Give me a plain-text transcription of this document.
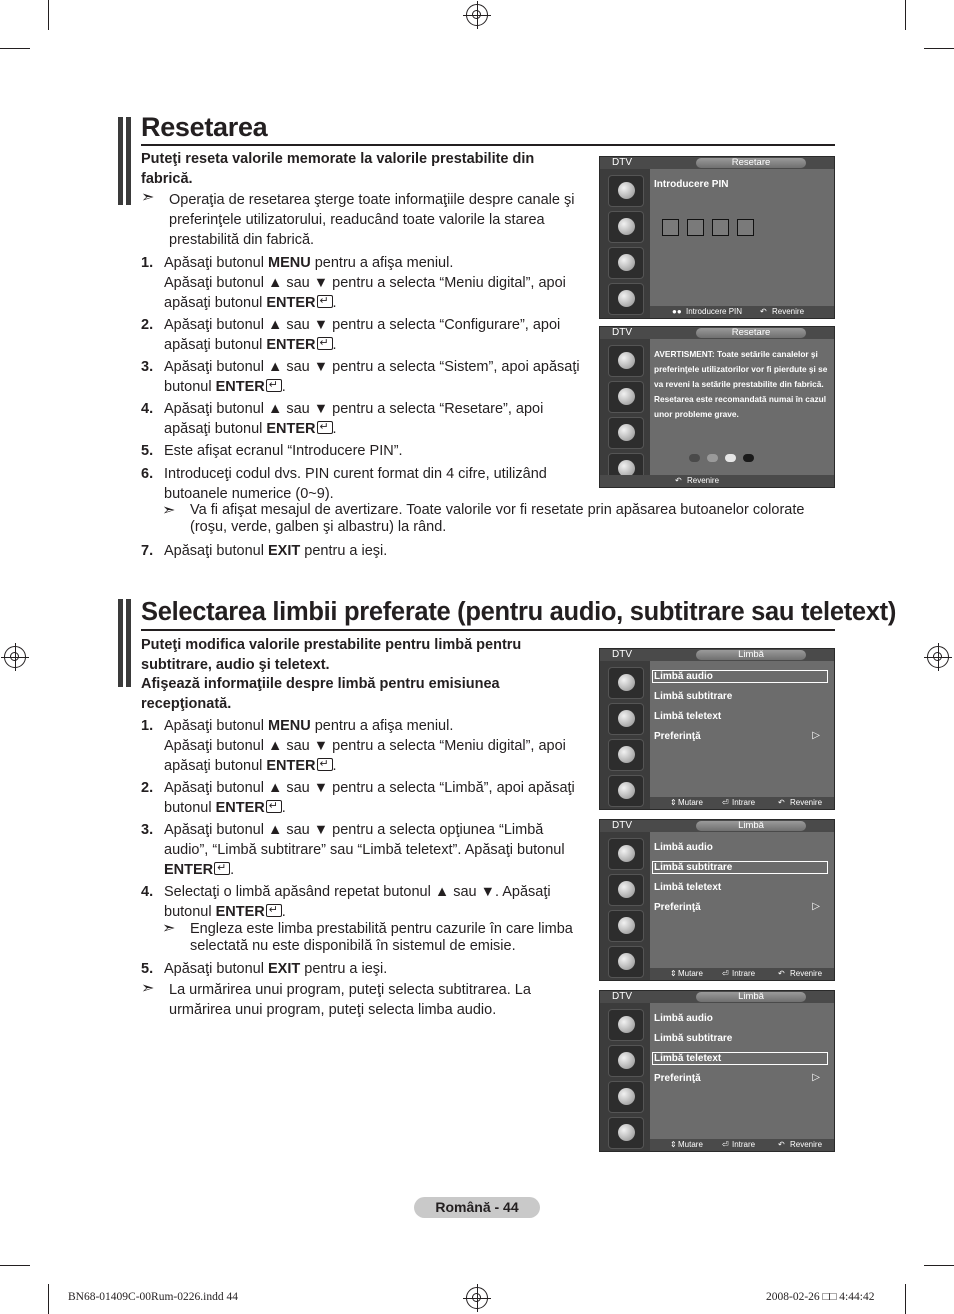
Resetarea
Puteţi reseta valorile memorate la valorile prestabilite din fabrică.
➣ Operaţia de resetarea şterge toate informaţiile despre canale şi preferinţele utilizatorului, readucând toate valorile la starea prestabilită din fabrică.
1. Apăsaţi butonul MENU pentru a afişa meniul.
Apăsaţi butonul ▲ sau ▼ pentru a selecta “Meniu digital”, apoi
apăsaţi butonul ENTER ↵ .
2. Apăsaţi butonul ▲ sau ▼ pentru a selecta “Configurare”, apoi
apăsaţi butonul ENTER ↵ .
3. Apăsaţi butonul ▲ sau ▼ pentru a selecta “Sistem”, apoi apăsaţi
butonul ENTER ↵ .
4. Apăsaţi butonul ▲ sau ▼ pentru a selecta “Resetare”, apoi
apăsaţi butonul ENTER ↵ .
5. Este afişat ecranul “Introducere PIN”.
6. Introduceţi codul dvs. PIN curent format din 4 cifre, utilizând
butoanele numerice (0~9).
7. Apăsaţi butonul EXIT pentru a ieşi.
➣ Va fi afişat mesajul de avertizare. Toate valorile vor fi resetate prin apăsarea butoanelor colorate (roşu, verde, galben şi albastru) la rând.
DTV	Resetare
Introducere PIN
●● Introducere PIN ↶ Revenire
DTV	Resetare
AVERTISMENT: Toate setările canalelor şi preferinţele utilizatorilor vor fi pierdute şi se va reveni la setările prestabilite din fabrică. Resetarea este recomandată numai în cazul unor probleme grave.
↶ Revenire
Selectarea limbii preferate (pentru audio, subtitrare sau teletext)
Puteţi modifica valorile prestabilite pentru limbă pentru subtitrare, audio şi teletext.
Afişează informaţiile despre limbă pentru emisiunea recepţionată.
1. Apăsaţi butonul MENU pentru a afişa meniul.
Apăsaţi butonul ▲ sau ▼ pentru a selecta “Meniu digital”, apoi
apăsaţi butonul ENTER ↵ .
2. Apăsaţi butonul ▲ sau ▼ pentru a selecta “Limbă”, apoi apăsaţi
butonul ENTER ↵ .
3. Apăsaţi butonul ▲ sau ▼ pentru a selecta opţiunea “Limbă
audio”, “Limbă subtitrare” sau “Limbă teletext”. Apăsaţi butonul
ENTER ↵ .
4. Selectaţi o limbă apăsând repetat butonul ▲ sau ▼. Apăsaţi
butonul ENTER ↵ .
5. Apăsaţi butonul EXIT pentru a ieşi.
➣ Engleza este limba prestabilită pentru cazurile în care limba selectată nu este disponibilă în sistemul de emisie.
➣ La urmărirea unui program, puteţi selecta subtitrarea. La urmărirea unui program, puteţi selecta limba audio.
DTV	Limbă
Limbă audio
Limbă subtitrare
Limbă teletext
Preferinţă	▷
⇕ Mutare ⏎ Intrare	↶ Revenire
DTV	Limbă
Limbă audio
Limbă subtitrare
Limbă teletext
Preferinţă	▷
⇕ Mutare ⏎ Intrare	↶ Revenire
DTV	Limbă
Limbă audio
Limbă subtitrare
Limbă teletext
Preferinţă	▷
⇕ Mutare ⏎ Intrare	↶ Revenire
Română - 44
BN68-01409C-00Rum-0226.indd 44	2008-02-26 □□ 4:44:42
